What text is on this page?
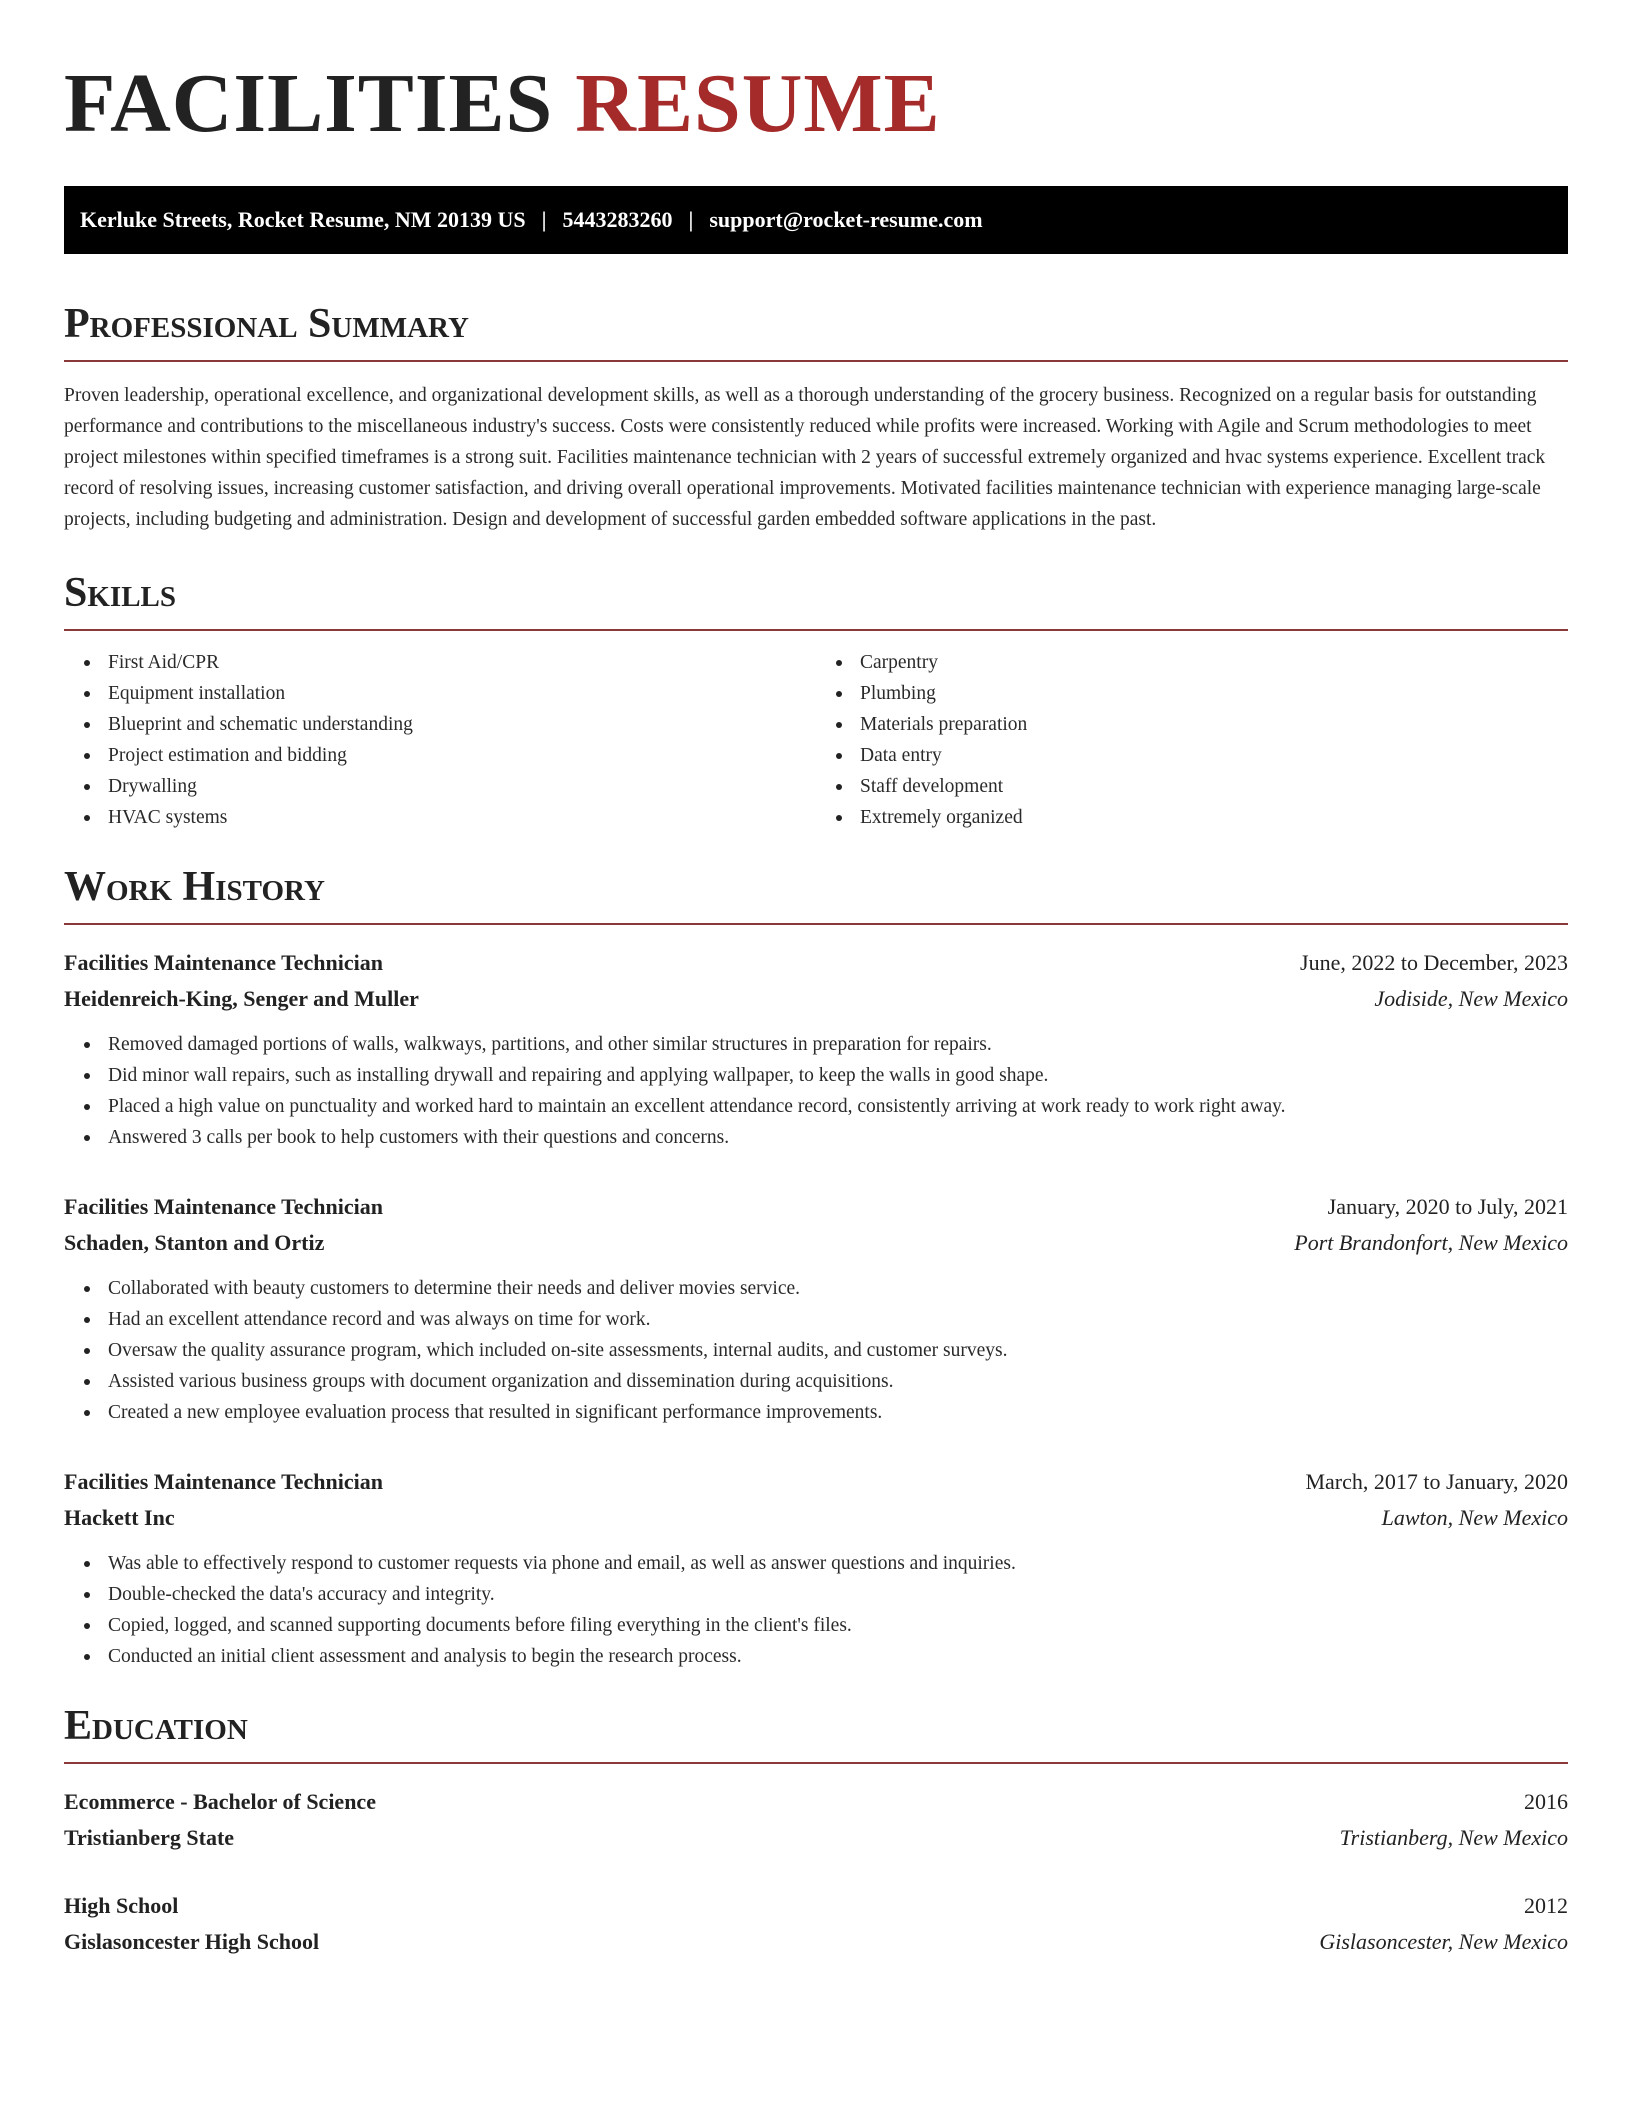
FACILITIES RESUME
Kerluke Streets, Rocket Resume, NM 20139 US | 5443283260 | support@rocket-resume.com
Professional Summary

Proven leadership, operational excellence, and organizational development skills, as well as a thorough understanding of the grocery business. Recognized on a regular basis for outstanding performance and contributions to the miscellaneous industry's success. Costs were consistently reduced while profits were increased. Working with Agile and Scrum methodologies to meet project milestones within specified timeframes is a strong suit. Facilities maintenance technician with 2 years of successful extremely organized and hvac systems experience. Excellent track record of resolving issues, increasing customer satisfaction, and driving overall operational improvements. Motivated facilities maintenance technician with experience managing large-scale projects, including budgeting and administration. Design and development of successful garden embedded software applications in the past.

Skills
First Aid/CPR
Equipment installation
Blueprint and schematic understanding
Project estimation and bidding
Drywalling
HVAC systems
Carpentry
Plumbing
Materials preparation
Data entry
Staff development
Extremely organized
Work History
Facilities Maintenance Technician	June, 2022 to December, 2023
Heidenreich-King, Senger and Muller	Jodiside, New Mexico
Removed damaged portions of walls, walkways, partitions, and other similar structures in preparation for repairs.
Did minor wall repairs, such as installing drywall and repairing and applying wallpaper, to keep the walls in good shape.
Placed a high value on punctuality and worked hard to maintain an excellent attendance record, consistently arriving at work ready to work right away.
Answered 3 calls per book to help customers with their questions and concerns.
Facilities Maintenance Technician	January, 2020 to July, 2021
Schaden, Stanton and Ortiz	Port Brandonfort, New Mexico
Collaborated with beauty customers to determine their needs and deliver movies service.
Had an excellent attendance record and was always on time for work.
Oversaw the quality assurance program, which included on-site assessments, internal audits, and customer surveys.
Assisted various business groups with document organization and dissemination during acquisitions.
Created a new employee evaluation process that resulted in significant performance improvements.
Facilities Maintenance Technician	March, 2017 to January, 2020
Hackett Inc	Lawton, New Mexico
Was able to effectively respond to customer requests via phone and email, as well as answer questions and inquiries.
Double-checked the data's accuracy and integrity.
Copied, logged, and scanned supporting documents before filing everything in the client's files.
Conducted an initial client assessment and analysis to begin the research process.
Education
Ecommerce - Bachelor of Science	2016
Tristianberg State	Tristianberg, New Mexico
High School	2012
Gislasoncester High School	Gislasoncester, New Mexico
